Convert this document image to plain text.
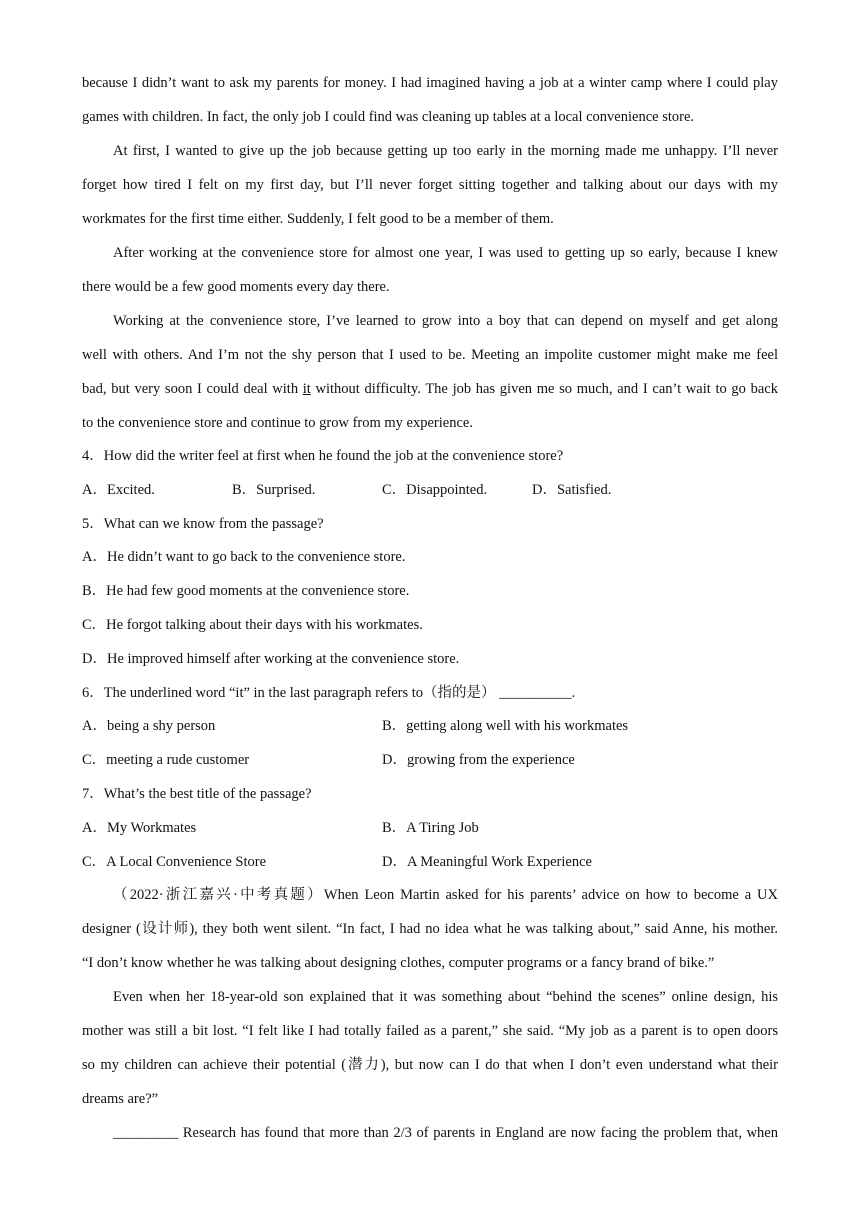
because I didn’t want to ask my parents for money. I had imagined having a job at a winter camp where I could play
games with children. In fact, the only job I could find was cleaning up tables at a local convenience store.
At first, I wanted to give up the job because getting up too early in the morning made me unhappy. I’ll never
forget how tired I felt on my first day, but I’ll never forget sitting together and talking about our days with my
workmates for the first time either. Suddenly, I felt good to be a member of them.
After working at the convenience store for almost one year, I was used to getting up so early, because I knew
there would be a few good moments every day there.
Working at the convenience store, I’ve learned to grow into a boy that can depend on myself and get along
well with others. And I’m not the shy person that I used to be. Meeting an impolite customer might make me feel
bad, but very soon I could deal with it without difficulty. The job has given me so much, and I can’t wait to go back
to the convenience store and continue to grow from my experience.
4．How did the writer feel at first when he found the job at the convenience store?
A．Excited.	B．Surprised.	C．Disappointed.	D．Satisfied.
5．What can we know from the passage?
A．He didn’t want to go back to the convenience store.
B．He had few good moments at the convenience store.
C．He forgot talking about their days with his workmates.
D．He improved himself after working at the convenience store.
6．The underlined word “it” in the last paragraph refers to（指的是） __________.
A．being a shy person	B．getting along well with his workmates
C．meeting a rude customer	D．growing from the experience
7．What’s the best title of the passage?
A．My Workmates	B．A Tiring Job
C．A Local Convenience Store	D．A Meaningful Work Experience
（2022·浙江嘉兴·中考真题）When Leon Martin asked for his parents’ advice on how to become a UX
designer (设计师), they both went silent. “In fact, I had no idea what he was talking about,” said Anne, his mother.
“I don’t know whether he was talking about designing clothes, computer programs or a fancy brand of bike.”
Even when her 18-year-old son explained that it was something about “behind the scenes” online design, his
mother was still a bit lost. “I felt like I had totally failed as a parent,” she said. “My job as a parent is to open doors
so my children can achieve their potential (潜力), but now can I do that when I don’t even understand what their
dreams are?”
_________ Research has found that more than 2/3 of parents in England are now facing the problem that, when
